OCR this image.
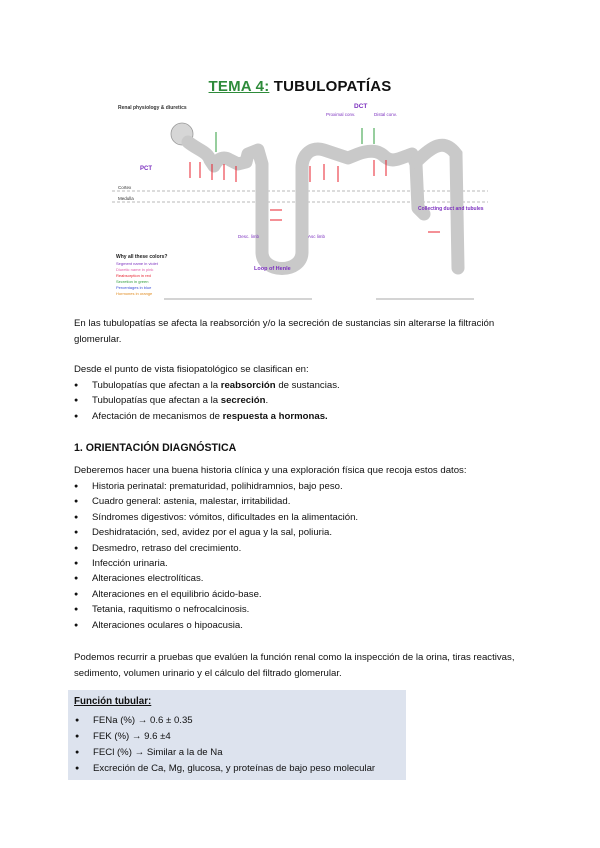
TEMA 4: TUBULOPATÍAS
Renal physiology & diuretics
Cortex
Medulla
DCT
Proximal conv.	Distal conv.
PCT
Loop of Henle
Desc. limb	Asc limb
Collecting duct and tubules
Why all these colors?
Segment name in violet
Diuretic name in pink
Reabsorption in red
Secretion in green
Percentages in blue
Hormones in orange
En las tubulopatías se afecta la reabsorción y/o la secreción de sustancias sin alterarse la filtración glomerular.
Desde el punto de vista fisiopatológico se clasifican en:
● Tubulopatías que afectan a la reabsorción de sustancias.
● Tubulopatías que afectan a la secreción.
● Afectación de mecanismos de respuesta a hormonas.
1. ORIENTACIÓN DIAGNÓSTICA
Deberemos hacer una buena historia clínica y una exploración física que recoja estos datos:
● Historia perinatal: prematuridad, polihidramnios, bajo peso.
● Cuadro general: astenia, malestar, irritabilidad.
● Síndromes digestivos: vómitos, dificultades en la alimentación.
● Deshidratación, sed, avidez por el agua y la sal, poliuria.
● Desmedro, retraso del crecimiento.
● Infección urinaria.
● Alteraciones electrolíticas.
● Alteraciones en el equilibrio ácido-base.
● Tetania, raquitismo o nefrocalcinosis.
● Alteraciones oculares o hipoacusia.
Podemos recurrir a pruebas que evalúen la función renal como la inspección de la orina, tiras reactivas, sedimento, volumen urinario y el cálculo del filtrado glomerular.
Función tubular:
● FENa (%) → 0.6 ± 0.35
● FEK (%) → 9.6 ±4
● FECl (%) → Similar a la de Na
● Excreción de Ca, Mg, glucosa, y proteínas de bajo peso molecular
